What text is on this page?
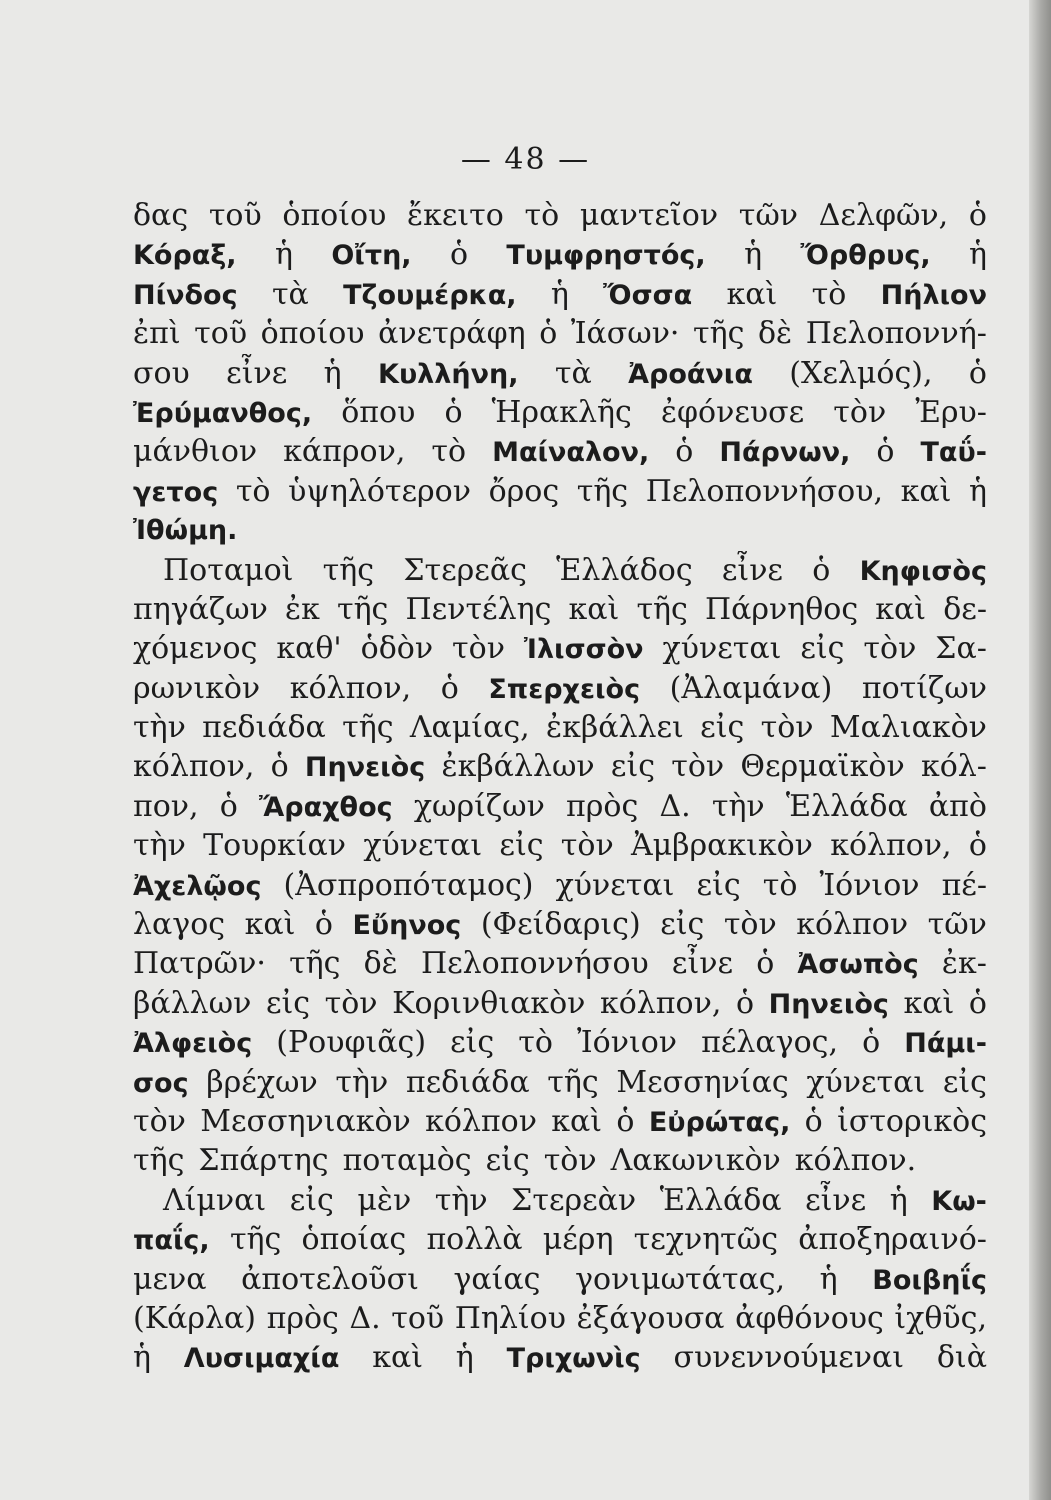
— 48 —
δας τοῦ ὁποίου ἔκειτο τὸ μαντεῖον τῶν Δελφῶν, ὁ
Κόραξ, ἡ Οἴτη, ὁ Τυμφρηστός, ἡ Ὄρθρυς, ἡ
Πίνδος τὰ Τζουμέρκα, ἡ Ὄσσα καὶ τὸ Πήλιον
ἐπὶ τοῦ ὁποίου ἀνετράφη ὁ Ἰάσων· τῆς δὲ Πελοποννή-
σου εἶνε ἡ Κυλλήνη, τὰ Ἀροάνια (Χελμός), ὁ
Ἐρύμανθος, ὅπου ὁ Ἡρακλῆς ἐφόνευσε τὸν Ἐρυ-
μάνθιον κάπρον, τὸ Μαίναλον, ὁ Πάρνων, ὁ Ταΰ-
γετος τὸ ὑψηλότερον ὄρος τῆς Πελοποννήσου, καὶ ἡ
Ἰθώμη.
Ποταμοὶ τῆς Στερεᾶς Ἑλλάδος εἶνε ὁ Κηφισὸς
πηγάζων ἐκ τῆς Πεντέλης καὶ τῆς Πάρνηθος καὶ δε-
χόμενος καθ' ὁδὸν τὸν Ἰλισσὸν χύνεται εἰς τὸν Σα-
ρωνικὸν κόλπον, ὁ Σπερχειὸς (Ἀλαμάνα) ποτίζων
τὴν πεδιάδα τῆς Λαμίας, ἐκβάλλει εἰς τὸν Μαλιακὸν
κόλπον, ὁ Πηνειὸς ἐκβάλλων εἰς τὸν Θερμαϊκὸν κόλ-
πον, ὁ Ἄραχθος χωρίζων πρὸς Δ. τὴν Ἑλλάδα ἀπὸ
τὴν Τουρκίαν χύνεται εἰς τὸν Ἀμβρακικὸν κόλπον, ὁ
Ἀχελῷος (Ἀσπροπόταμος) χύνεται εἰς τὸ Ἰόνιον πέ-
λαγος καὶ ὁ Εὔηνος (Φείδαρις) εἰς τὸν κόλπον τῶν
Πατρῶν· τῆς δὲ Πελοποννήσου εἶνε ὁ Ἀσωπὸς ἐκ-
βάλλων εἰς τὸν Κορινθιακὸν κόλπον, ὁ Πηνειὸς καὶ ὁ
Ἀλφειὸς (Ρουφιᾶς) εἰς τὸ Ἰόνιον πέλαγος, ὁ Πάμι-
σος βρέχων τὴν πεδιάδα τῆς Μεσσηνίας χύνεται εἰς
τὸν Μεσσηνιακὸν κόλπον καὶ ὁ Εὐρώτας, ὁ ἱστορικὸς
τῆς Σπάρτης ποταμὸς εἰς τὸν Λακωνικὸν κόλπον.
Λίμναι εἰς μὲν τὴν Στερεὰν Ἑλλάδα εἶνε ἡ Κω-
παΐς, τῆς ὁποίας πολλὰ μέρη τεχνητῶς ἀποξηραινό-
μενα ἀποτελοῦσι γαίας γονιμωτάτας, ἡ Βοιβηΐς
(Κάρλα) πρὸς Δ. τοῦ Πηλίου ἐξάγουσα ἀφθόνους ἰχθῦς,
ἡ Λυσιμαχία καὶ ἡ Τριχωνὶς συνεννούμεναι διὰ
